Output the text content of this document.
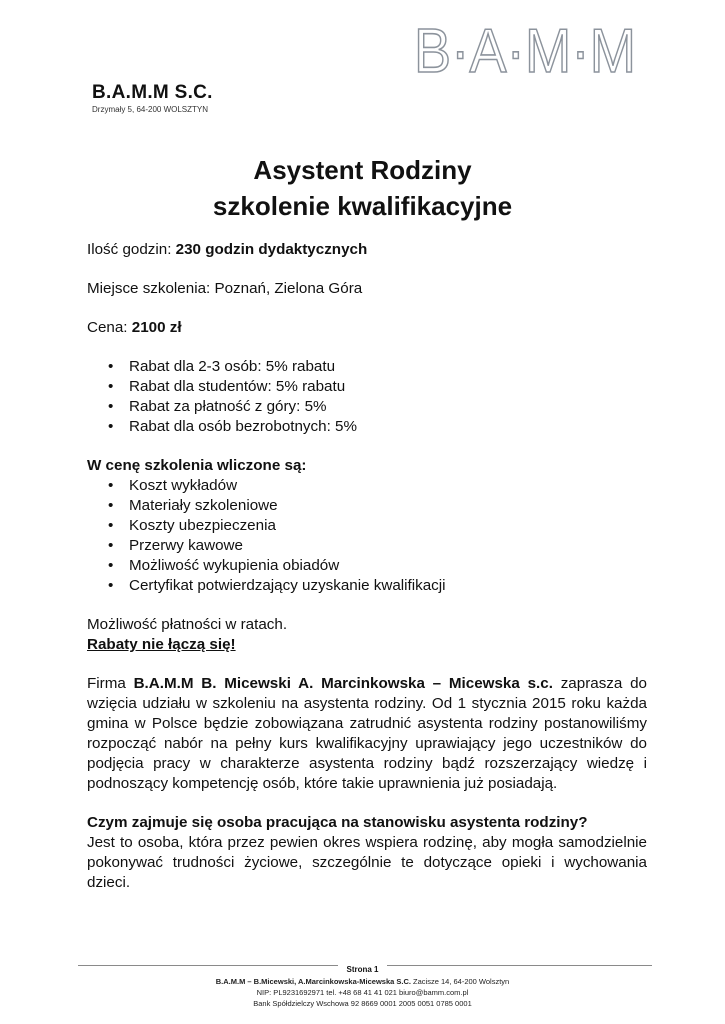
B·A·M·M
B.A.M.M S.C.
Drzymały 5, 64-200 WOLSZTYN
Asystent Rodziny
szkolenie kwalifikacyjne

Ilość godzin: 230 godzin dydaktycznych

Miejsce szkolenia: Poznań, Zielona Góra

Cena: 2100 zł

• Rabat dla 2-3 osób: 5% rabatu
• Rabat dla studentów: 5% rabatu
• Rabat za płatność z góry: 5%
• Rabat dla osób bezrobotnych: 5%

W cenę szkolenia wliczone są:

• Koszt wykładów
• Materiały szkoleniowe
• Koszty ubezpieczenia
• Przerwy kawowe
• Możliwość wykupienia obiadów
• Certyfikat potwierdzający uzyskanie kwalifikacji

Możliwość płatności w ratach.

Rabaty nie łączą się!

Firma B.A.M.M B. Micewski A. Marcinkowska – Micewska s.c. zaprasza do wzięcia udziału w szkoleniu na asystenta rodziny. Od 1 stycznia 2015 roku każda gmina w Polsce będzie zobowiązana zatrudnić asystenta rodziny postanowiliśmy rozpocząć nabór na pełny kurs kwalifikacyjny uprawiający jego uczestników do podjęcia pracy w charakterze asystenta rodziny bądź rozszerzający wiedzę i podnoszący kompetencję osób, które takie uprawnienia już posiadają.

Czym zajmuje się osoba pracująca na stanowisku asystenta rodziny?

Jest to osoba, która przez pewien okres wspiera rodzinę, aby mogła samodzielnie pokonywać trudności życiowe, szczególnie te dotyczące opieki i wychowania dzieci.

Strona 1
B.A.M.M – B.Micewski, A.Marcinkowska-Micewska S.C. Zacisze 14, 64-200 Wolsztyn
NIP: PL9231692971 tel. +48 68 41 41 021 biuro@bamm.com.pl
Bank Spółdzielczy Wschowa 92 8669 0001 2005 0051 0785 0001
